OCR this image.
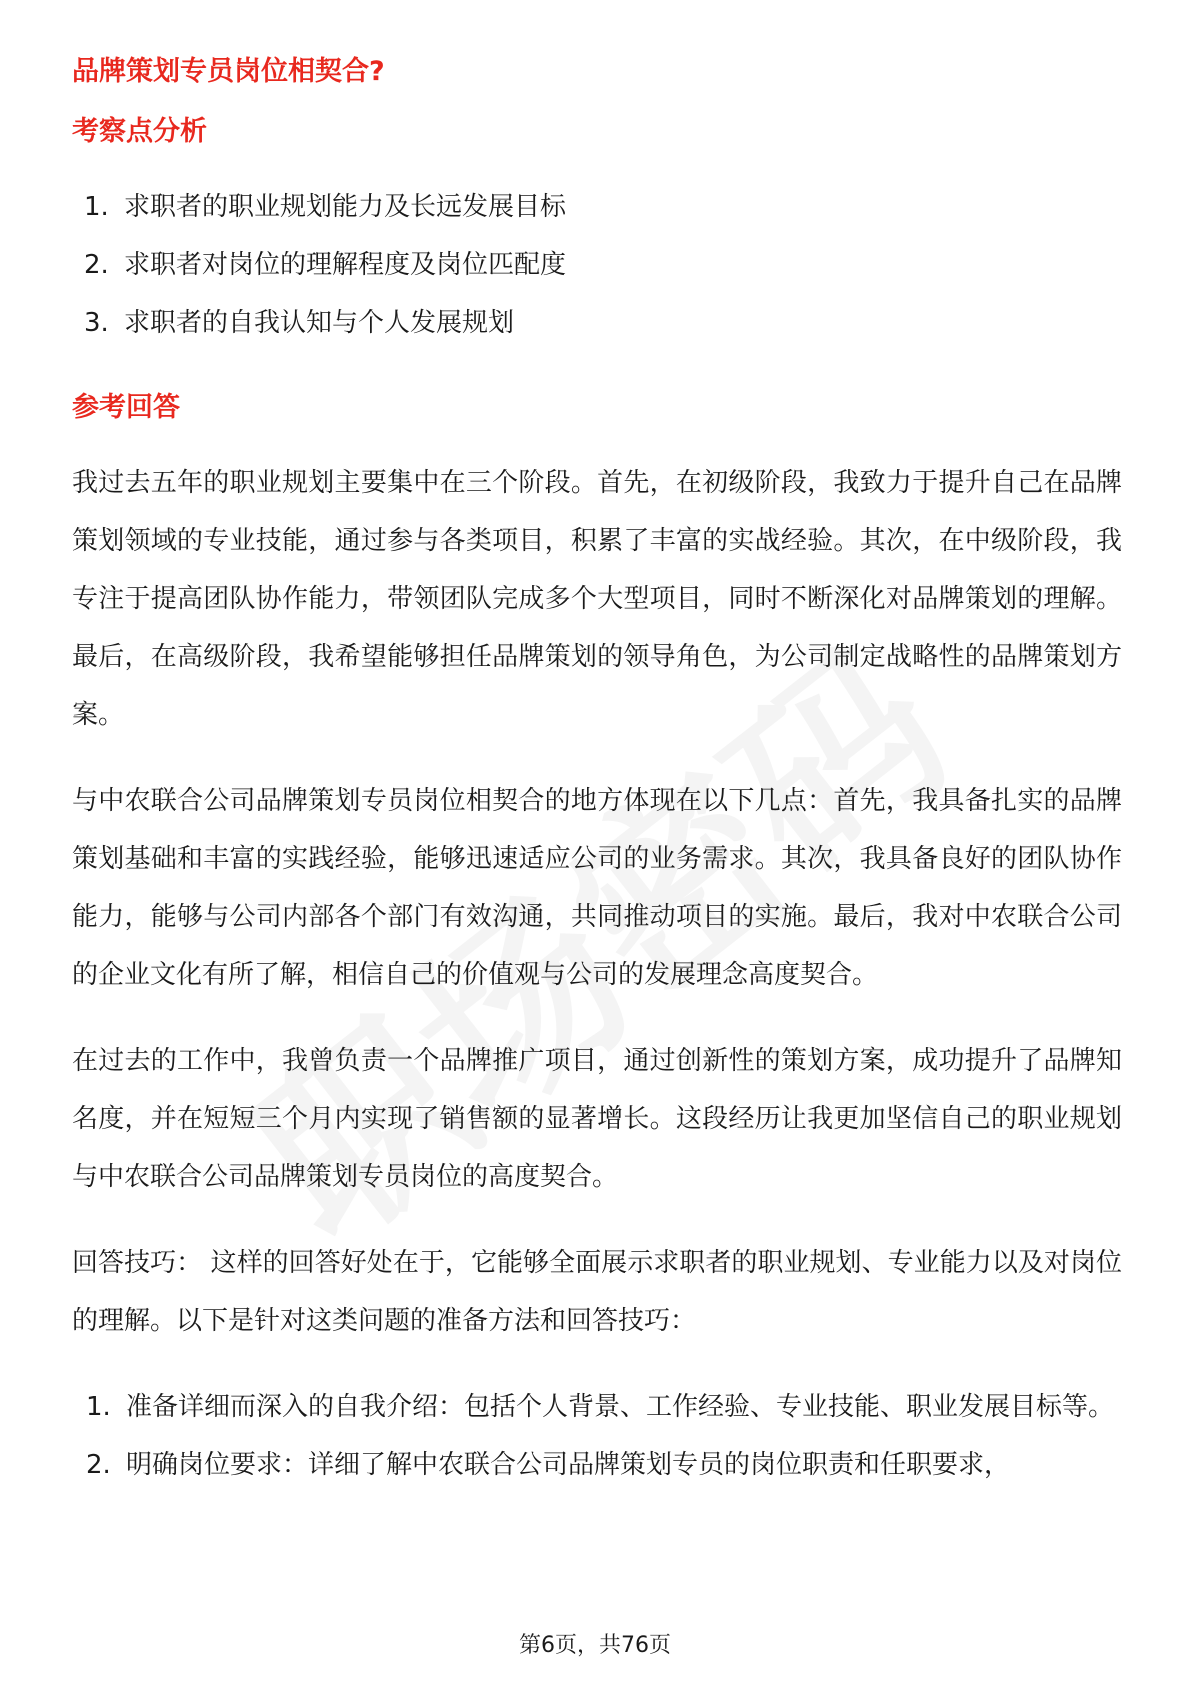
品牌策划专员岗位相契合?
考察点分析
1. 求职者的职业规划能力及长远发展目标
2. 求职者对岗位的理解程度及岗位匹配度
3. 求职者的自我认知与个人发展规划
参考回答

我过去五年的职业规划主要集中在三个阶段。首先，在初级阶段，我致力于提升自己在品牌策划领域的专业技能，通过参与各类项目，积累了丰富的实战经验。其次，在中级阶段，我专注于提高团队协作能力，带领团队完成多个大型项目，同时不断深化对品牌策划的理解。最后，在高级阶段，我希望能够担任品牌策划的领导角色，为公司制定战略性的品牌策划方案。

与中农联合公司品牌策划专员岗位相契合的地方体现在以下几点：首先，我具备扎实的品牌策划基础和丰富的实践经验，能够迅速适应公司的业务需求。其次，我具备良好的团队协作能力，能够与公司内部各个部门有效沟通，共同推动项目的实施。最后，我对中农联合公司的企业文化有所了解，相信自己的价值观与公司的发展理念高度契合。

在过去的工作中，我曾负责一个品牌推广项目，通过创新性的策划方案，成功提升了品牌知名度，并在短短三个月内实现了销售额的显著增长。这段经历让我更加坚信自己的职业规划与中农联合公司品牌策划专员岗位的高度契合。

回答技巧： 这样的回答好处在于，它能够全面展示求职者的职业规划、专业能力以及对岗位的理解。以下是针对这类问题的准备方法和回答技巧：

1. 准备详细而深入的自我介绍：包括个人背景、工作经验、专业技能、职业发展目标等。
2. 明确岗位要求：详细了解中农联合公司品牌策划专员的岗位职责和任职要求，
第6页，共76页
